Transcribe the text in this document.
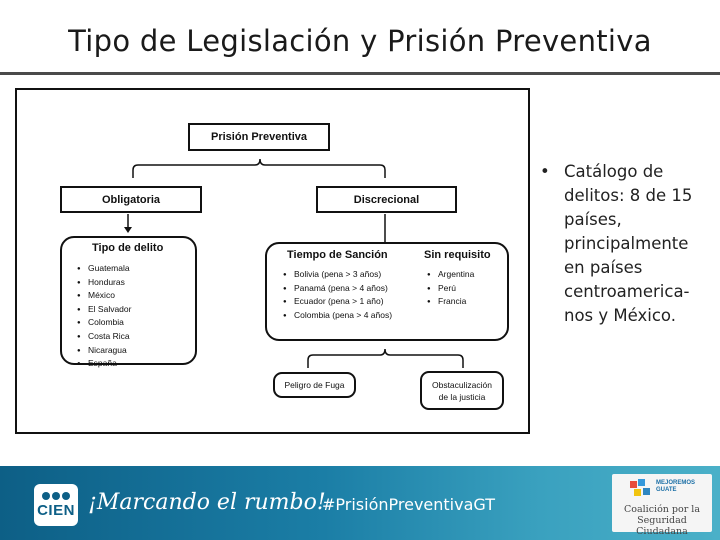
Tipo de Legislación y Prisión Preventiva
Prisión Preventiva
Obligatoria	Discrecional
Tipo de delito
● Guatemala
● Honduras
● México
● El Salvador
● Colombia
● Costa Rica
● Nicaragua
● España
Tiempo de Sanción	Sin requisito
● Bolivia (pena > 3 años)
● Panamá (pena > 4 años)
● Ecuador (pena > 1 año)
● Colombia (pena > 4 años)
● Argentina
● Perú
● Francia
Peligro de Fuga	Obstaculización de la justicia
• Catálogo de delitos: 8 de 15 países, principalmente en países centroamerica-nos y México.
CIEN ¡Marcando el rumbo!
#PrisiónPreventivaGT
MEJOREMOS GUATE
Coalición por la Seguridad Ciudadana
